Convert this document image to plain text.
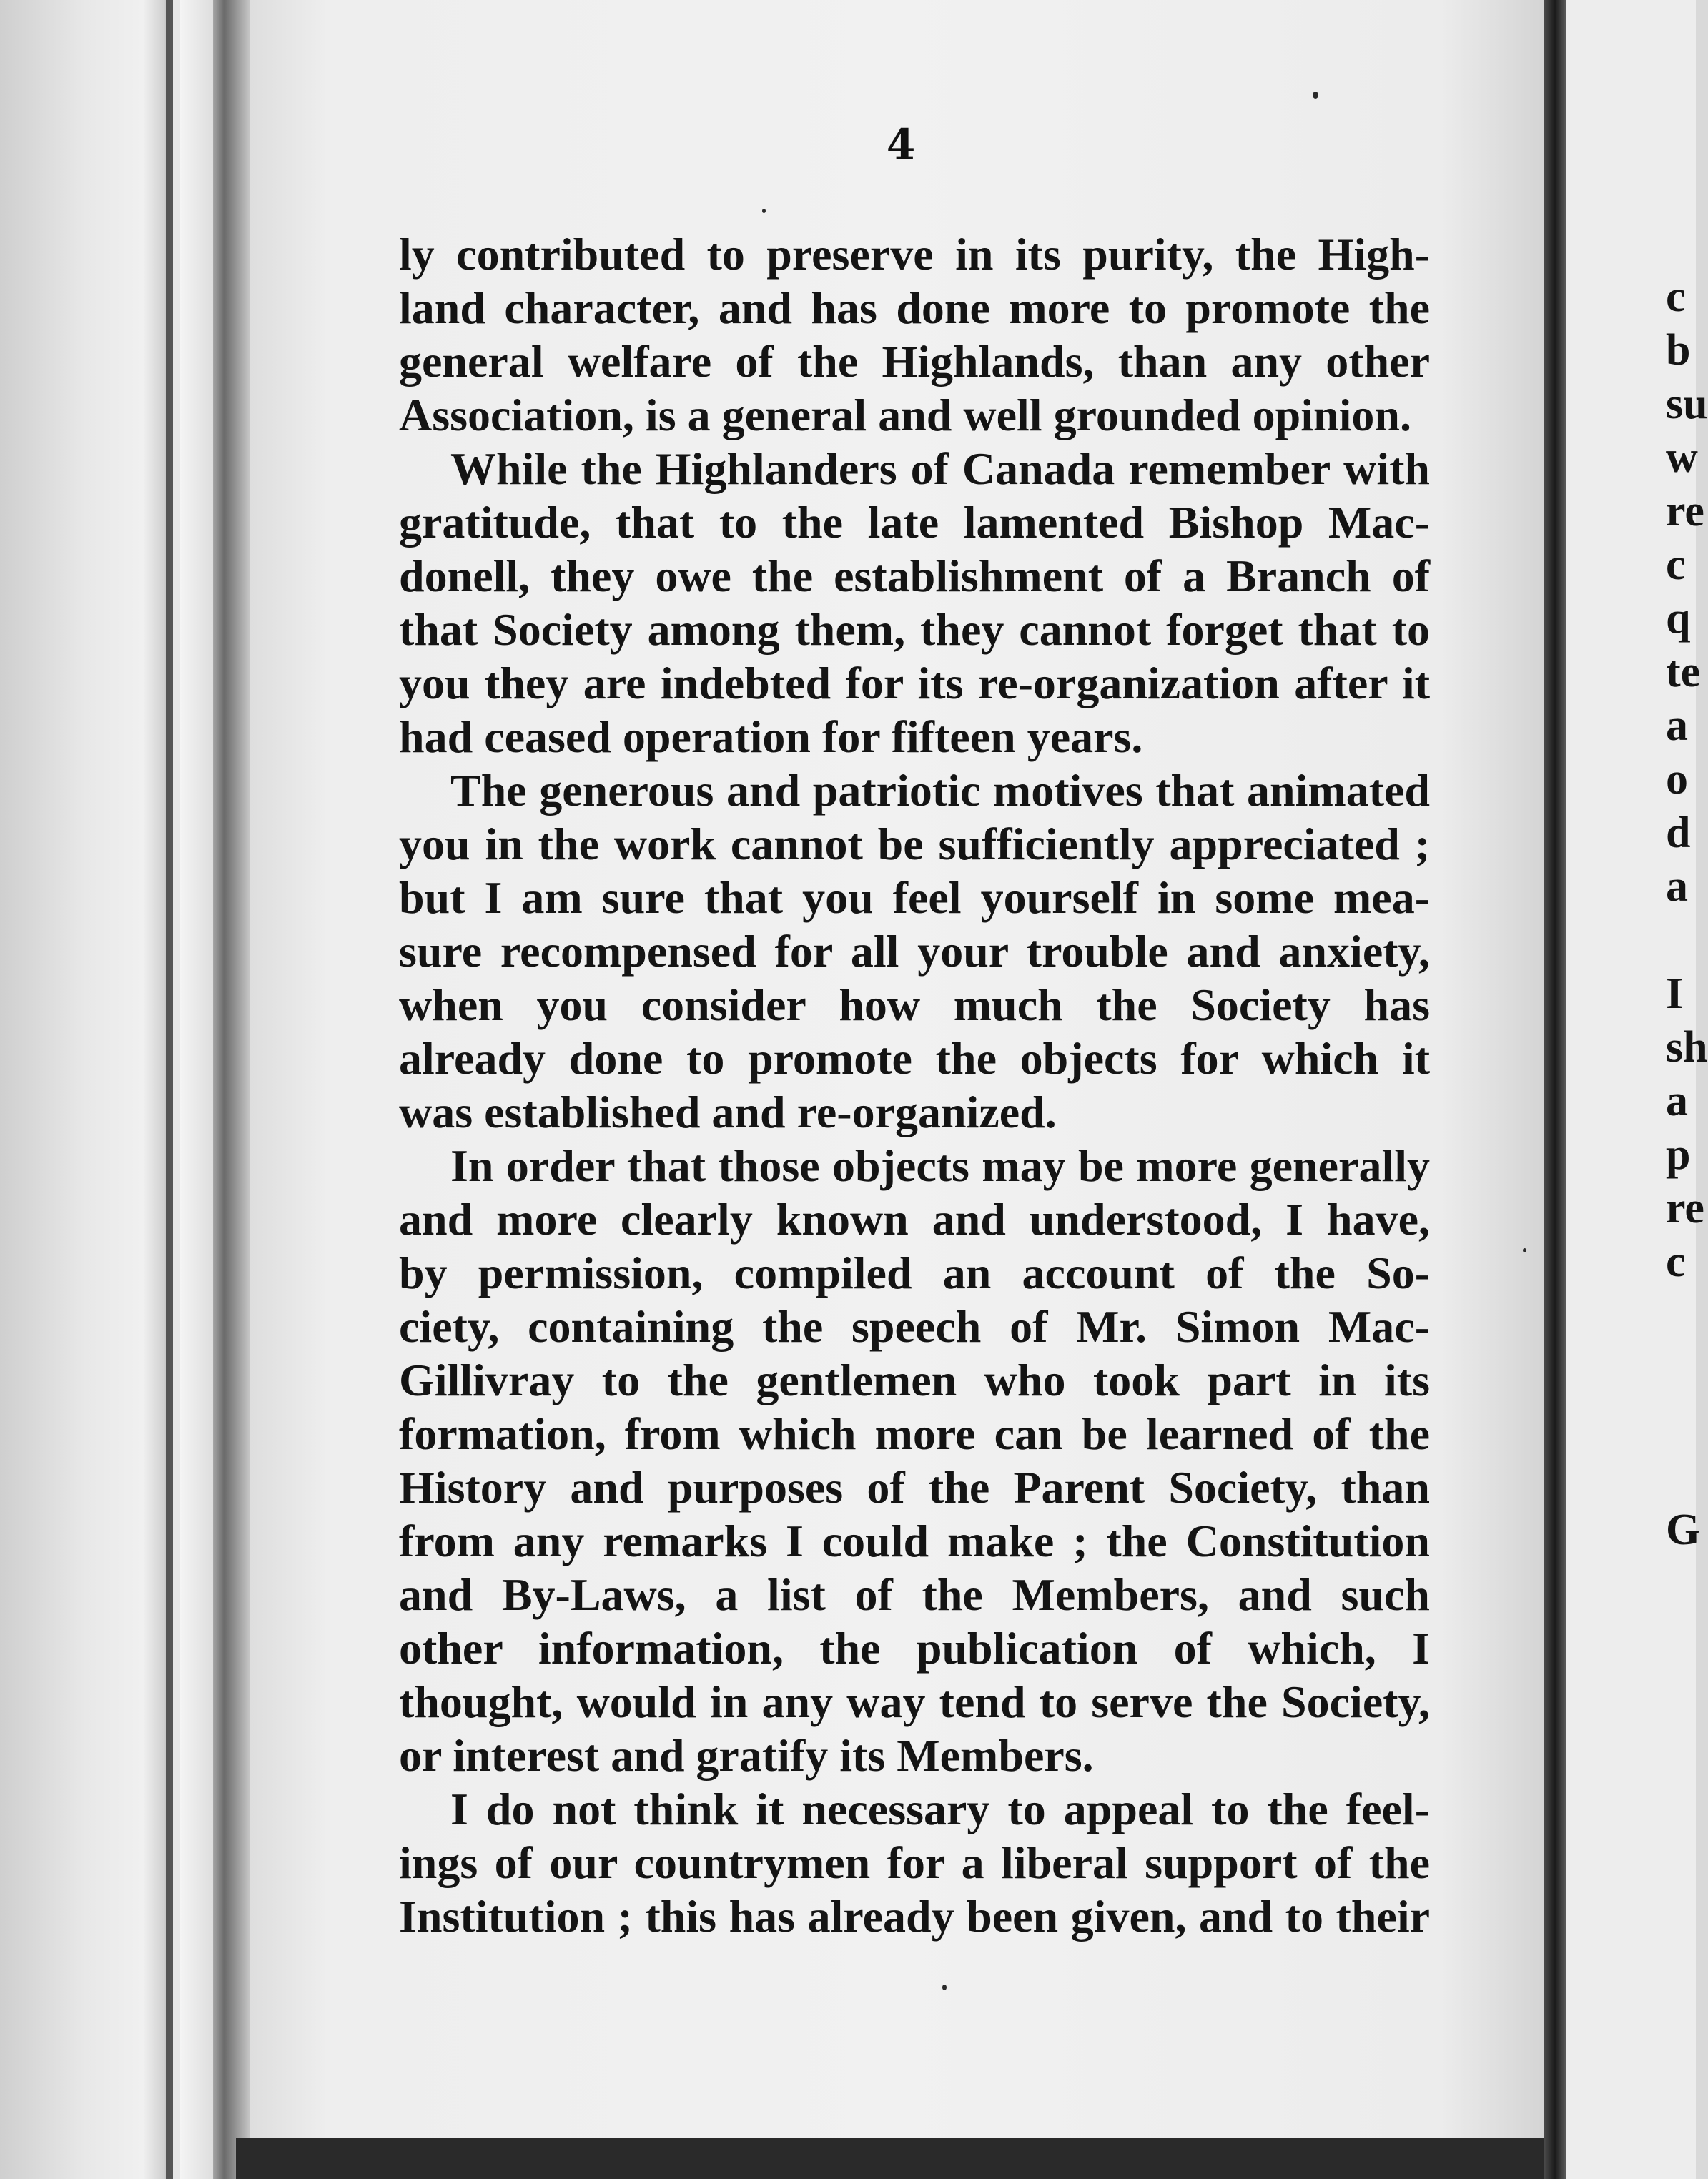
4
ly contributed to preserve in its purity, the High-
land character, and has done more to promote the
general welfare of the Highlands, than any other
Association, is a general and well grounded opinion.
While the Highlanders of Canada remember with
gratitude, that to the late lamented Bishop Mac-
donell, they owe the establishment of a Branch of
that Society among them, they cannot forget that to
you they are indebted for its re-organization after it
had ceased operation for fifteen years.
The generous and patriotic motives that animated
you in the work cannot be sufficiently appreciated ;
but I am sure that you feel yourself in some mea-
sure recompensed for all your trouble and anxiety,
when you consider how much the Society has
already done to promote the objects for which it
was established and re-organized.
In order that those objects may be more generally
and more clearly known and understood, I have,
by permission, compiled an account of the So-
ciety, containing the speech of Mr. Simon Mac-
Gillivray to the gentlemen who took part in its
formation, from which more can be learned of the
History and purposes of the Parent Society, than
from any remarks I could make ; the Constitution
and By-Laws, a list of the Members, and such
other information, the publication of which, I
thought, would in any way tend to serve the Society,
or interest and gratify its Members.
I do not think it necessary to appeal to the feel-
ings of our countrymen for a liberal support of the
Institution ; this has already been given, and to their
c
b
su
w
re
c
q
te
a
o
d
a
I
sh
a
p
re
c
G
